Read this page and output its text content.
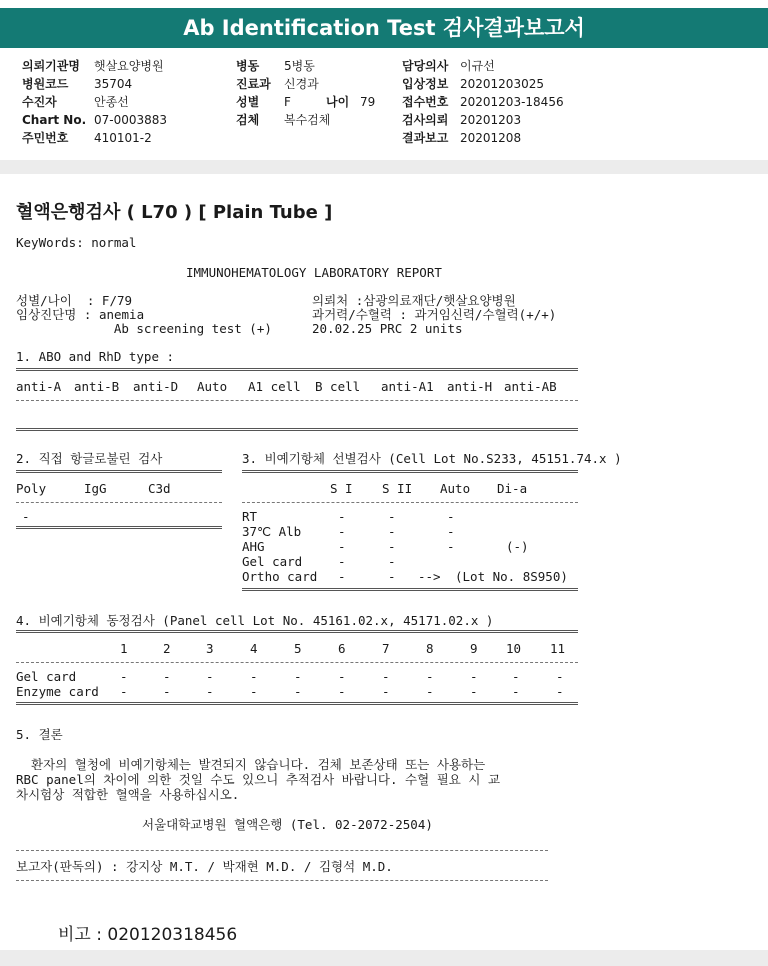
Ab Identification Test 검사결과보고서
의뢰기관명 햇살요양병원
병원코드 35704
수진자	안종선
Chart No. 07-0003883
주민번호 410101-2
병동 5병동
진료과 신경과
성별 F	나이 79
검체 복수검체
담당의사 이규선
입상정보 20201203025
접수번호 20201203-18456
검사의뢰 20201203
결과보고 20201208
혈액은행검사 ( L70 ) [ Plain Tube ]
KeyWords: normal
IMMUNOHEMATOLOGY LABORATORY REPORT
성별/나이  : F/79
임상진단명 : anemia
Ab screening test (+)
의뢰처 :삼광의료재단/햇살요양병원
과거력/수혈력 : 과거임신력/수혈력(+/+)
20.02.25 PRC 2 units
1. ABO and RhD type :
anti-A anti-B anti-D Auto A1 cell B cell anti-A1 anti-H anti-AB
2. 직접 항글로불린 검사
Poly	IgG	C3d
-
3. 비예기항체 선별검사 (Cell Lot No.S233, 45151.74.x )
S I S II Auto Di-a
RT	-	-	-
37℃ Alb	-	-	-
AHG	-	-	-	(-)
Gel card	-	-
Ortho card -	- --> (Lot No. 8S950)
4. 비예기항체 동정검사 (Panel cell Lot No. 45161.02.x, 45171.02.x )
1	2	3	4	5	6	7	8	9 10 11
Gel card	-	-	-	-	-	-	-	-	-	-	-
Enzyme card -	-	-	-	-	-	-	-	-	-	-
5. 결론
환자의 혈청에 비예기항체는 발견되지 않습니다. 검체 보존상태 또는 사용하는
RBC panel의 차이에 의한 것일 수도 있으니 추적검사 바랍니다. 수혈 필요 시 교
차시험상 적합한 혈액을 사용하십시오.
서울대학교병원 혈액은행 (Tel. 02-2072-2504)
보고자(판독의) : 강지상 M.T. / 박재현 M.D. / 김형석 M.D.
비고 : 020120318456
